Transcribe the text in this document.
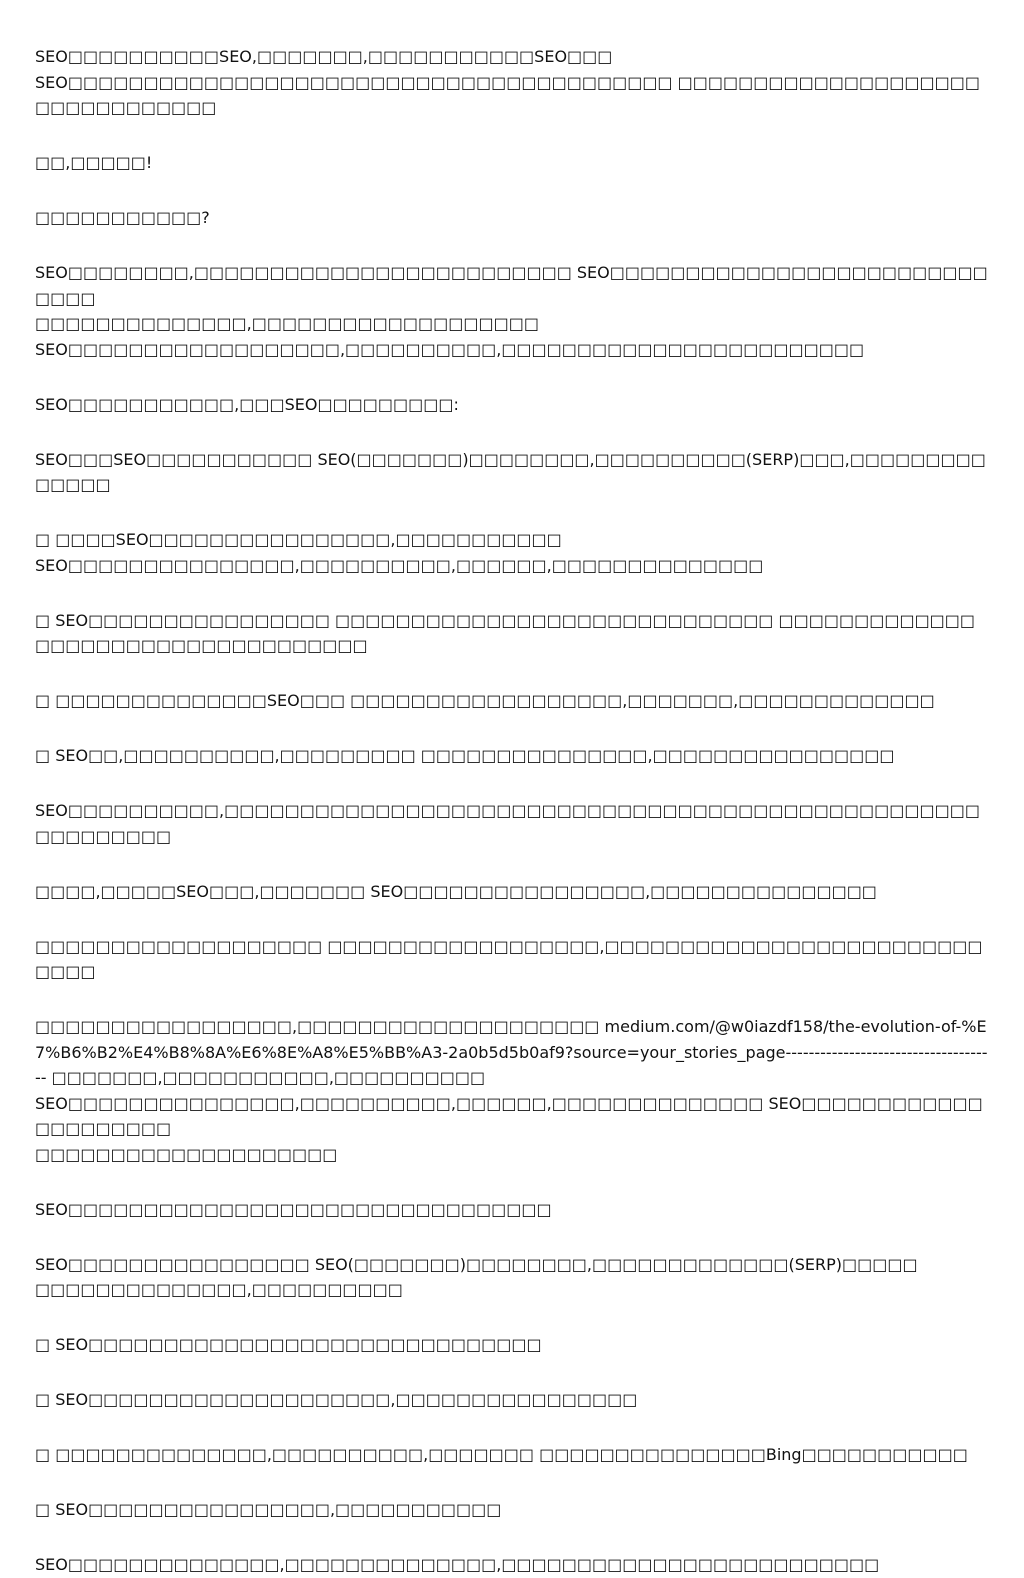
SEO□□□□□□□□□□SEO,□□□□□□□,□□□□□□□□□□□SEO□□□
SEO□□□□□□□□□□□□□□□□□□□□□□□□□□□□□□□□□□□□□□□□ □□□□□□□□□□□□□□□□□□□□□□□□□□□□□□□□

□□,□□□□□!

□□□□□□□□□□□?

SEO□□□□□□□□,□□□□□□□□□□□□□□□□□□□□□□□□□ SEO□□□□□□□□□□□□□□□□□□□□□□□□□□□□□
□□□□□□□□□□□□□□,□□□□□□□□□□□□□□□□□□□
SEO□□□□□□□□□□□□□□□□□□,□□□□□□□□□□,□□□□□□□□□□□□□□□□□□□□□□□□

SEO□□□□□□□□□□□,□□□SEO□□□□□□□□□:

SEO□□□SEO□□□□□□□□□□□ SEO(□□□□□□□)□□□□□□□□,□□□□□□□□□□(SERP)□□□,□□□□□□□□□□□□□□

□ □□□□SEO□□□□□□□□□□□□□□□□,□□□□□□□□□□□
SEO□□□□□□□□□□□□□□□,□□□□□□□□□□,□□□□□□,□□□□□□□□□□□□□□

□ SEO□□□□□□□□□□□□□□□□ □□□□□□□□□□□□□□□□□□□□□□□□□□□□□ □□□□□□□□□□□□□□□□□□□□□□□□□□□□□□□□□□□

□ □□□□□□□□□□□□□□SEO□□□ □□□□□□□□□□□□□□□□□□,□□□□□□□,□□□□□□□□□□□□□

□ SEO□□,□□□□□□□□□□,□□□□□□□□□ □□□□□□□□□□□□□□□,□□□□□□□□□□□□□□□□

SEO□□□□□□□□□□,□□□□□□□□□□□□□□□□□□□□□□□□□□□□□□□□□□□□□□□□□□□□□□□□□□□□□□□□□□□

□□□□,□□□□□SEO□□□,□□□□□□□ SEO□□□□□□□□□□□□□□□□,□□□□□□□□□□□□□□□

□□□□□□□□□□□□□□□□□□□ □□□□□□□□□□□□□□□□□□,□□□□□□□□□□□□□□□□□□□□□□□□□□□□□

□□□□□□□□□□□□□□□□□,□□□□□□□□□□□□□□□□□□□□ medium.com/@w0iazdf158/the-evolution-of-%E7%B6%B2%E4%B8%8A%E6%8E%A8%E5%BB%A3-2a0b5d5b0af9?source=your_stories_page------------------------------------- □□□□□□□,□□□□□□□□□□□,□□□□□□□□□□
SEO□□□□□□□□□□□□□□□,□□□□□□□□□□,□□□□□□,□□□□□□□□□□□□□□ SEO□□□□□□□□□□□□□□□□□□□□□
□□□□□□□□□□□□□□□□□□□□

SEO□□□□□□□□□□□□□□□□□□□□□□□□□□□□□□□□

SEO□□□□□□□□□□□□□□□□ SEO(□□□□□□□)□□□□□□□□,□□□□□□□□□□□□□(SERP)□□□□□
□□□□□□□□□□□□□□,□□□□□□□□□□

□ SEO□□□□□□□□□□□□□□□□□□□□□□□□□□□□□□

□ SEO□□□□□□□□□□□□□□□□□□□□,□□□□□□□□□□□□□□□□

□ □□□□□□□□□□□□□□,□□□□□□□□□□,□□□□□□□ □□□□□□□□□□□□□□□Bing□□□□□□□□□□□

□ SEO□□□□□□□□□□□□□□□□,□□□□□□□□□□□

SEO□□□□□□□□□□□□□□,□□□□□□□□□□□□□□,□□□□□□□□□□□□□□□□□□□□□□□□□
